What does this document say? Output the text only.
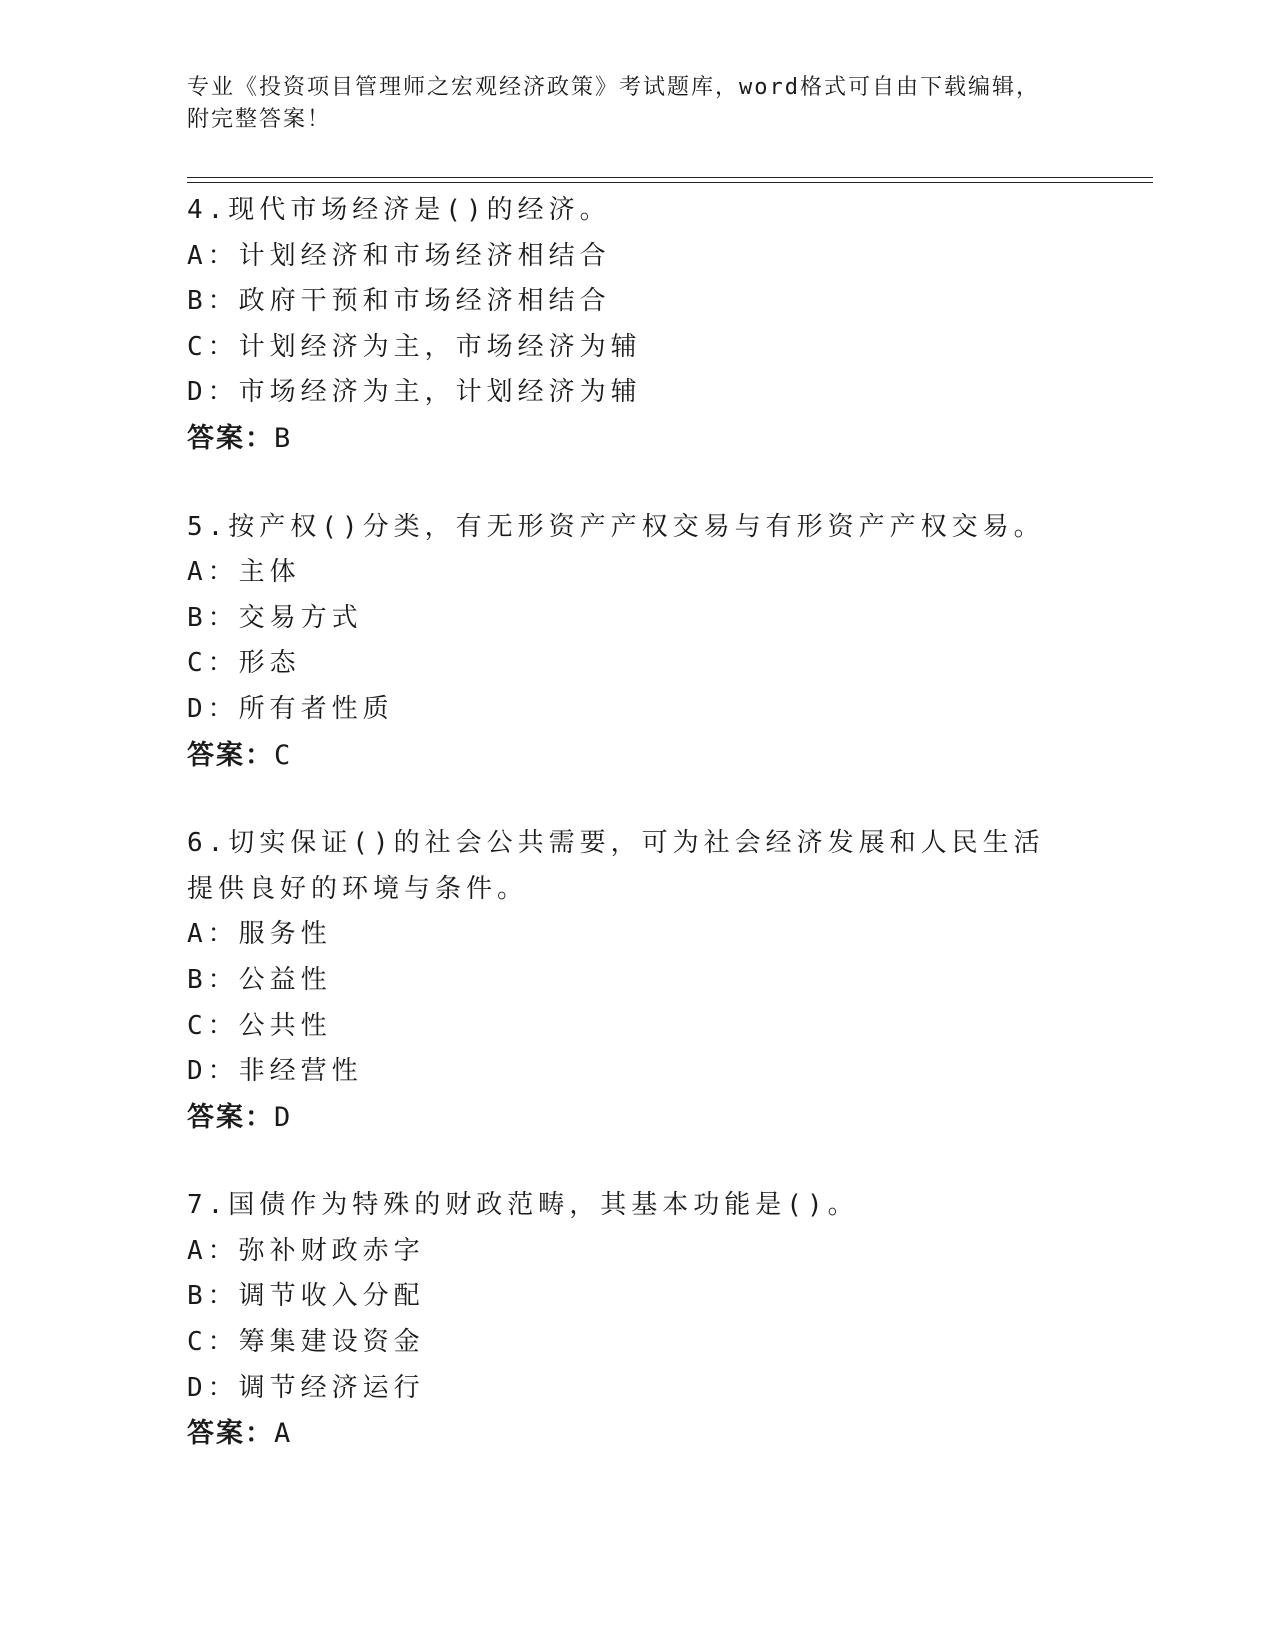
专业《投资项目管理师之宏观经济政策》考试题库，word格式可自由下载编辑，
附完整答案！
4.现代市场经济是()的经济。
A：计划经济和市场经济相结合
B：政府干预和市场经济相结合
C：计划经济为主，市场经济为辅
D：市场经济为主，计划经济为辅
答案：B
5.按产权()分类，有无形资产产权交易与有形资产产权交易。
A：主体
B：交易方式
C：形态
D：所有者性质
答案：C
6.切实保证()的社会公共需要，可为社会经济发展和人民生活提供良好的环境与条件。
A：服务性
B：公益性
C：公共性
D：非经营性
答案：D
7.国债作为特殊的财政范畴，其基本功能是()。
A：弥补财政赤字
B：调节收入分配
C：筹集建设资金
D：调节经济运行
答案：A
